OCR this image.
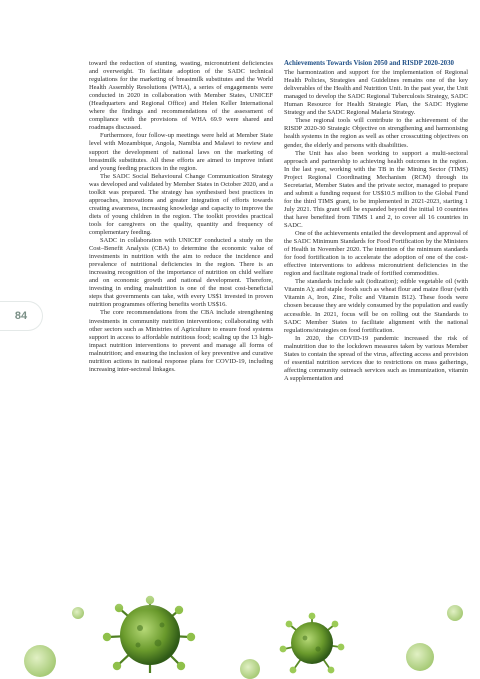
84

toward the reduction of stunting, wasting, micronutrient deficiencies and overweight. To facilitate adoption of the SADC technical regulations for the marketing of breastmilk substitutes and the World Health Assembly Resolutions (WHA), a series of engagements were conducted in 2020 in collaboration with Member States, UNICEF (Headquarters and Regional Office) and Helen Keller International where the findings and recommendations of the assessment of compliance with the provisions of WHA 69.9 were shared and roadmaps discussed.

Furthermore, four follow-up meetings were held at Member State level with Mozambique, Angola, Namibia and Malawi to review and support the development of national laws on the marketing of breastmilk substitutes. All these efforts are aimed to improve infant and young feeding practices in the region.

The SADC Social Behavioural Change Communication Strategy was developed and validated by Member States in October 2020, and a toolkit was prepared. The strategy has synthesised best practices in approaches, innovations and greater integration of efforts towards creating awareness, increasing knowledge and capacity to improve the diets of young children in the region. The toolkit provides practical tools for caregivers on the quality, quantity and frequency of complementary feeding.

SADC in collaboration with UNICEF conducted a study on the Cost–Benefit Analysis (CBA) to determine the economic value of investments in nutrition with the aim to reduce the incidence and prevalence of nutritional deficiencies in the region. There is an increasing recognition of the importance of nutrition on child welfare and on economic growth and national development. Therefore, investing in ending malnutrition is one of the most cost-beneficial steps that governments can take, with every US$1 invested in proven nutrition programmes offering benefits worth US$16.

The core recommendations from the CBA include strengthening investments in community nutrition interventions; collaborating with other sectors such as Ministries of Agriculture to ensure food systems support in access to affordable nutritious food; scaling up the 13 high-impact nutrition interventions to prevent and manage all forms of malnutrition; and ensuring the inclusion of key preventive and curative nutrition actions in national response plans for COVID-19, including increasing inter-sectoral linkages.

Achievements Towards Vision 2050 and RISDP 2020-2030

The harmonization and support for the implementation of Regional Health Policies, Strategies and Guidelines remains one of the key deliverables of the Health and Nutrition Unit. In the past year, the Unit managed to develop the SADC Regional Tuberculosis Strategy, SADC Human Resource for Health Strategic Plan, the SADC Hygiene Strategy and the SADC Regional Malaria Strategy.

These regional tools will contribute to the achievement of the RISDP 2020-30 Strategic Objective on strengthening and harmonising health systems in the region as well as other crosscutting objectives on gender, the elderly and persons with disabilities.

The Unit has also been working to support a multi-sectoral approach and partnership to achieving health outcomes in the region. In the last year, working with the TB in the Mining Sector (TIMS) Project Regional Coordinating Mechanism (RCM) through its Secretariat, Member States and the private sector, managed to prepare and submit a funding request for US$10.5 million to the Global Fund for the third TIMS grant, to be implemented in 2021-2023, starting 1 July 2021. This grant will be expanded beyond the initial 10 countries that have benefited from TIMS 1 and 2, to cover all 16 countries in SADC.

One of the achievements entailed the development and approval of the SADC Minimum Standards for Food Fortification by the Ministers of Health in November 2020. The intention of the minimum standards for food fortification is to accelerate the adoption of one of the cost-effective interventions to address micronutrient deficiencies in the region and facilitate regional trade of fortified commodities.

The standards include salt (iodization); edible vegetable oil (with Vitamin A); and staple foods such as wheat flour and maize flour (with Vitamin A, Iron, Zinc, Folic and Vitamin B12). These foods were chosen because they are widely consumed by the population and easily accessible. In 2021, focus will be on rolling out the Standards to SADC Member States to facilitate alignment with the national regulations/strategies on food fortification.

In 2020, the COVID-19 pandemic increased the risk of malnutrition due to the lockdown measures taken by various Member States to contain the spread of the virus, affecting access and provision of essential nutrition services due to restrictions on mass gatherings, affecting community outreach services such as immunization, vitamin A supplementation and
